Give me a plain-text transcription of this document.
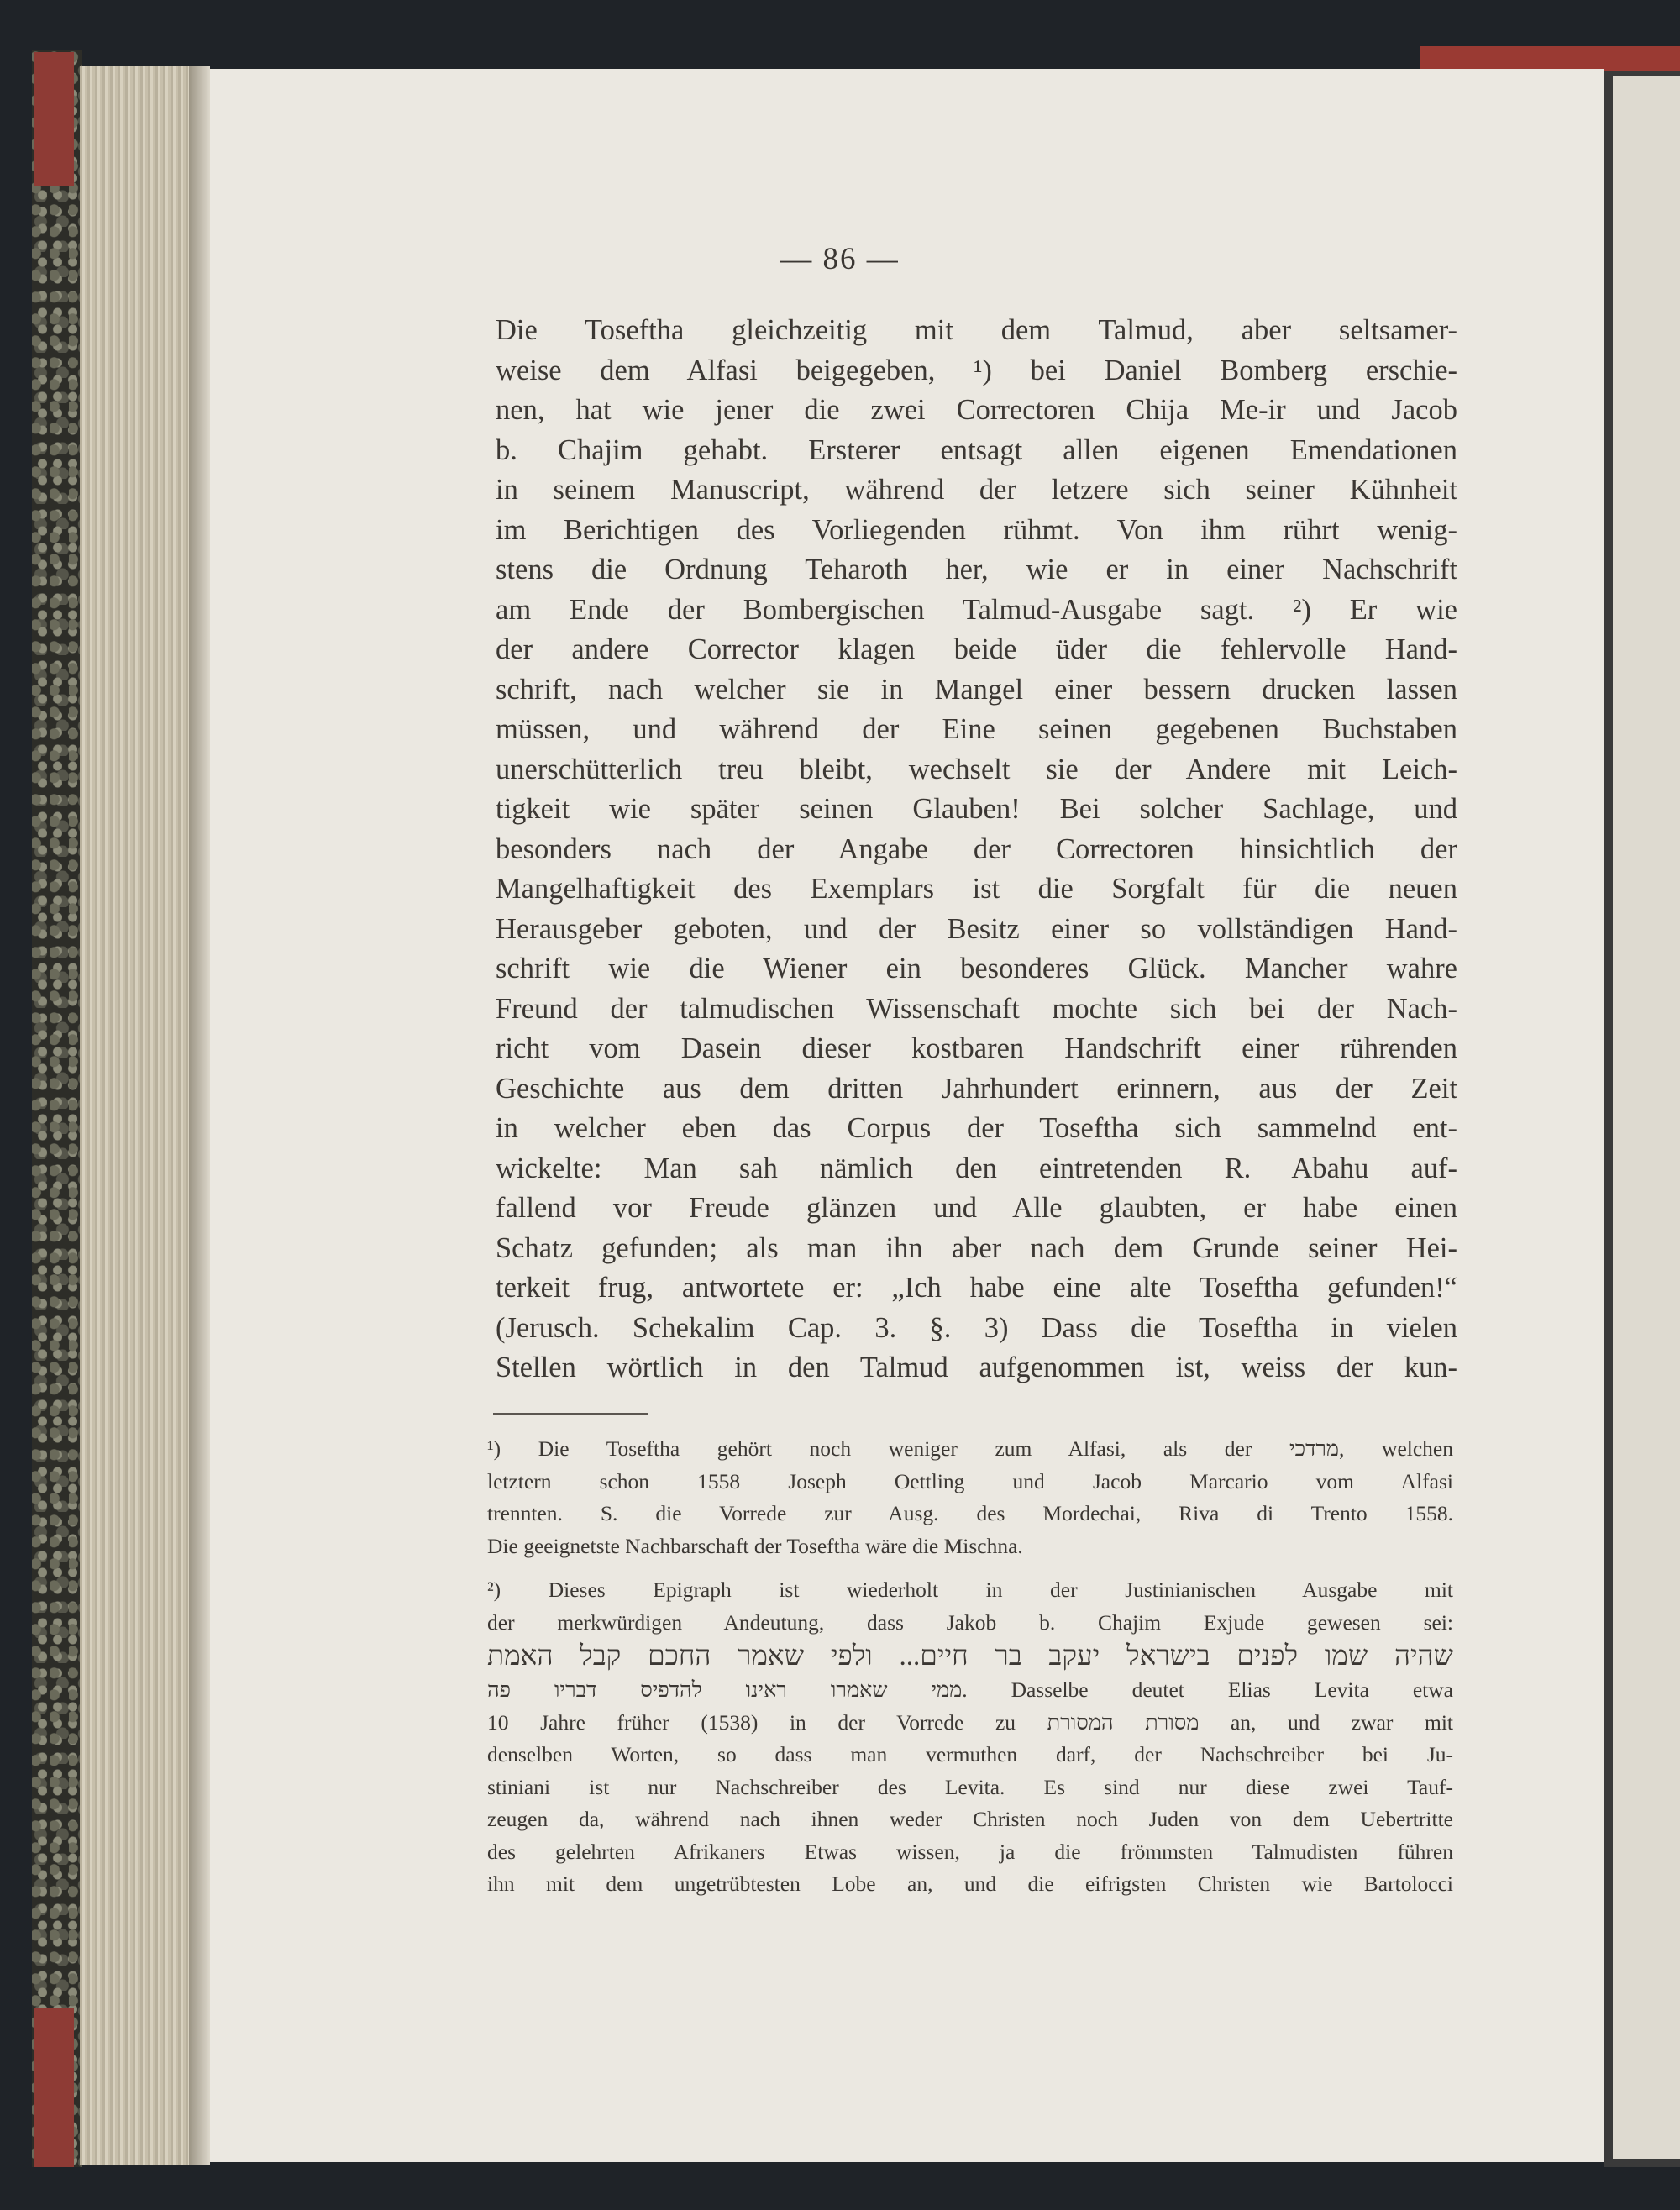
— 86 —
Die Toseftha gleichzeitig mit dem Talmud, aber seltsamer-
weise dem Alfasi beigegeben, ¹) bei Daniel Bomberg erschie-
nen, hat wie jener die zwei Correctoren Chija Me-ir und Jacob
b. Chajim gehabt. Ersterer entsagt allen eigenen Emendationen
in seinem Manuscript, während der letzere sich seiner Kühnheit
im Berichtigen des Vorliegenden rühmt. Von ihm rührt wenig-
stens die Ordnung Teharoth her, wie er in einer Nachschrift
am Ende der Bombergischen Talmud-Ausgabe sagt. ²) Er wie
der andere Corrector klagen beide üder die fehlervolle Hand-
schrift, nach welcher sie in Mangel einer bessern drucken lassen
müssen, und während der Eine seinen gegebenen Buchstaben
unerschütterlich treu bleibt, wechselt sie der Andere mit Leich-
tigkeit wie später seinen Glauben! Bei solcher Sachlage, und
besonders nach der Angabe der Correctoren hinsichtlich der
Mangelhaftigkeit des Exemplars ist die Sorgfalt für die neuen
Herausgeber geboten, und der Besitz einer so vollständigen Hand-
schrift wie die Wiener ein besonderes Glück. Mancher wahre
Freund der talmudischen Wissenschaft mochte sich bei der Nach-
richt vom Dasein dieser kostbaren Handschrift einer rührenden
Geschichte aus dem dritten Jahrhundert erinnern, aus der Zeit
in welcher eben das Corpus der Toseftha sich sammelnd ent-
wickelte: Man sah nämlich den eintretenden R. Abahu auf-
fallend vor Freude glänzen und Alle glaubten, er habe einen
Schatz gefunden; als man ihn aber nach dem Grunde seiner Hei-
terkeit frug, antwortete er: „Ich habe eine alte Toseftha gefunden!“
(Jerusch. Schekalim Cap. 3. §. 3) Dass die Toseftha in vielen
Stellen wörtlich in den Talmud aufgenommen ist, weiss der kun-
¹) Die Toseftha gehört noch weniger zum Alfasi, als der מרדכי, welchen
letztern schon 1558 Joseph Oettling und Jacob Marcario vom Alfasi
trennten. S. die Vorrede zur Ausg. des Mordechai, Riva di Trento 1558.
Die geeignetste Nachbarschaft der Toseftha wäre die Mischna.
²) Dieses Epigraph ist wiederholt in der Justinianischen Ausgabe mit
der merkwürdigen Andeutung, dass Jakob b. Chajim Exjude gewesen sei:
שהיה שמו לפנים בישראל יעקב בר חיים... ולפי שאמר החכם קבל האמת
ממי שאמרו ראינו להדפיס דבריו פה. Dasselbe deutet Elias Levita etwa
10 Jahre früher (1538) in der Vorrede zu מסורת המסורת an, und zwar mit
denselben Worten, so dass man vermuthen darf, der Nachschreiber bei Ju-
stiniani ist nur Nachschreiber des Levita. Es sind nur diese zwei Tauf-
zeugen da, während nach ihnen weder Christen noch Juden von dem Uebertritte
des gelehrten Afrikaners Etwas wissen, ja die frömmsten Talmudisten führen
ihn mit dem ungetrübtesten Lobe an, und die eifrigsten Christen wie Bartolocci
